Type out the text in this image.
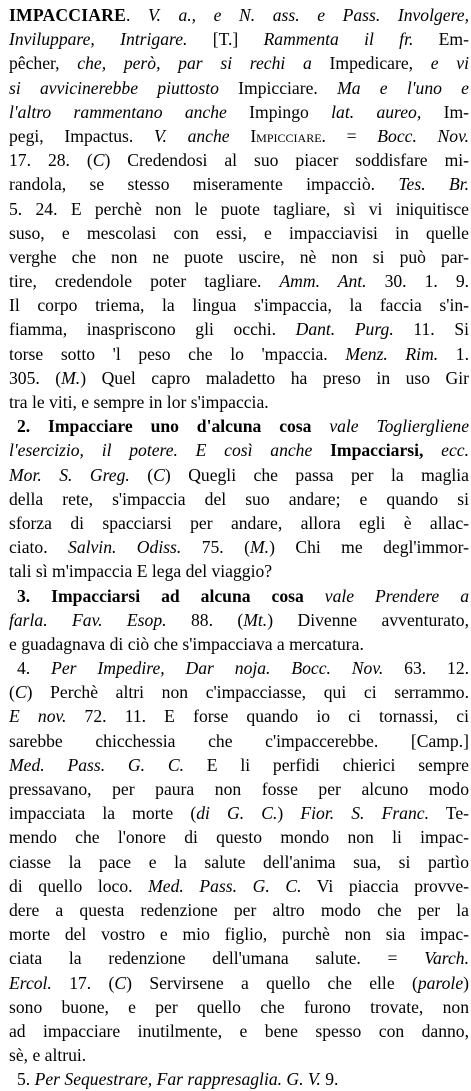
IMPACCIARE. V. a., e N. ass. e Pass. Involgere,
Inviluppare, Intrigare. [T.] Rammenta il fr. Em-
pêcher, che, però, par si rechi a Impedicare, e vi
si avvicinerebbe piuttosto Impicciare. Ma e l'uno e
l'altro rammentano anche Impingo lat. aureo, Im-
pegi, Impactus. V. anche Impicciare. = Bocc. Nov.
17. 28. (C) Credendosi al suo piacer soddisfare mi-
randola, se stesso miseramente impacciò. Tes. Br.
5. 24. E perchè non le puote tagliare, sì vi iniquitisce
suso, e mescolasi con essi, e impacciavisi in quelle
verghe che non ne puote uscire, nè non si può par-
tire, credendole poter tagliare. Amm. Ant. 30. 1. 9.
Il corpo triema, la lingua s'impaccia, la faccia s'in-
fiamma, inaspriscono gli occhi. Dant. Purg. 11. Si
torse sotto 'l peso che lo 'mpaccia. Menz. Rim. 1.
305. (M.) Quel capro maladetto ha preso in uso Gir
tra le viti, e sempre in lor s'impaccia.
2. Impacciare uno d'alcuna cosa vale Togliergliene
l'esercizio, il potere. E così anche Impacciarsi, ecc.
Mor. S. Greg. (C) Quegli che passa per la maglia
della rete, s'impaccia del suo andare; e quando si
sforza di spacciarsi per andare, allora egli è allac-
ciato. Salvin. Odiss. 75. (M.) Chi me degl'immor-
tali sì m'impaccia E lega del viaggio?
3. Impacciarsi ad alcuna cosa vale Prendere a
farla. Fav. Esop. 88. (Mt.) Divenne avventurato,
e guadagnava di ciò che s'impacciava a mercatura.
4. Per Impedire, Dar noja. Bocc. Nov. 63. 12.
(C) Perchè altri non c'impacciasse, qui ci serrammo.
E nov. 72. 11. E forse quando io ci tornassi, ci
sarebbe chicchessia che c'impaccerebbe. [Camp.]
Med. Pass. G. C. E li perfidi chierici sempre
pressavano, per paura non fosse per alcuno modo
impacciata la morte (di G. C.) Fior. S. Franc. Te-
mendo che l'onore di questo mondo non li impac-
ciasse la pace e la salute dell'anima sua, si partìo
di quello loco. Med. Pass. G. C. Vi piaccia provve-
dere a questa redenzione per altro modo che per la
morte del vostro e mio figlio, purchè non sia impac-
ciata la redenzione dell'umana salute. = Varch.
Ercol. 17. (C) Servirsene a quello che elle (parole)
sono buone, e per quello che furono trovate, non
ad impacciare inutilmente, e bene spesso con danno,
sè, e altrui.
5. Per Sequestrare, Far rappresaglia. G. V. 9.
